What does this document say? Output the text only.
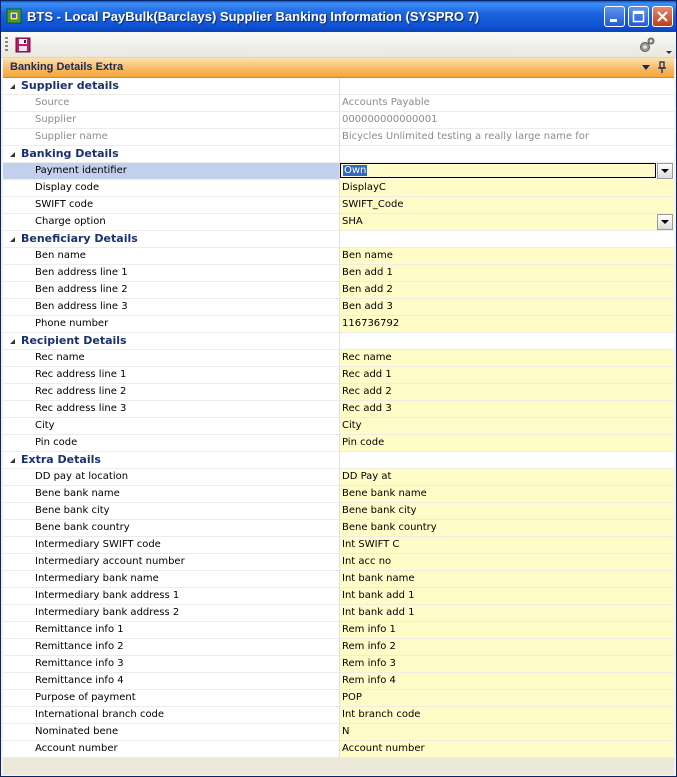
BTS - Local PayBulk(Barclays) Supplier Banking Information (SYSPRO 7)
Banking Details Extra
Supplier details
Source	Accounts Payable
Supplier	000000000000001
Supplier name	Bicycles Unlimited testing a really large name for
Banking Details
Payment identifier	Own
Display code	DisplayC
SWIFT code	SWIFT_Code
Charge option	SHA
Beneficiary Details
Ben name	Ben name
Ben address line 1	Ben add 1
Ben address line 2	Ben add 2
Ben address line 3	Ben add 3
Phone number	116736792
Recipient Details
Rec name	Rec name
Rec address line 1	Rec add 1
Rec address line 2	Rec add 2
Rec address line 3	Rec add 3
City	City
Pin code	Pin code
Extra Details
DD pay at location	DD Pay at
Bene bank name	Bene bank name
Bene bank city	Bene bank city
Bene bank country	Bene bank country
Intermediary SWIFT code	Int SWIFT C
Intermediary account number	Int acc no
Intermediary bank name	Int bank name
Intermediary bank address 1	Int bank add 1
Intermediary bank address 2	Int bank add 1
Remittance info 1	Rem info 1
Remittance info 2	Rem info 2
Remittance info 3	Rem info 3
Remittance info 4	Rem info 4
Purpose of payment	POP
International branch code	Int branch code
Nominated bene	N
Account number	Account number
